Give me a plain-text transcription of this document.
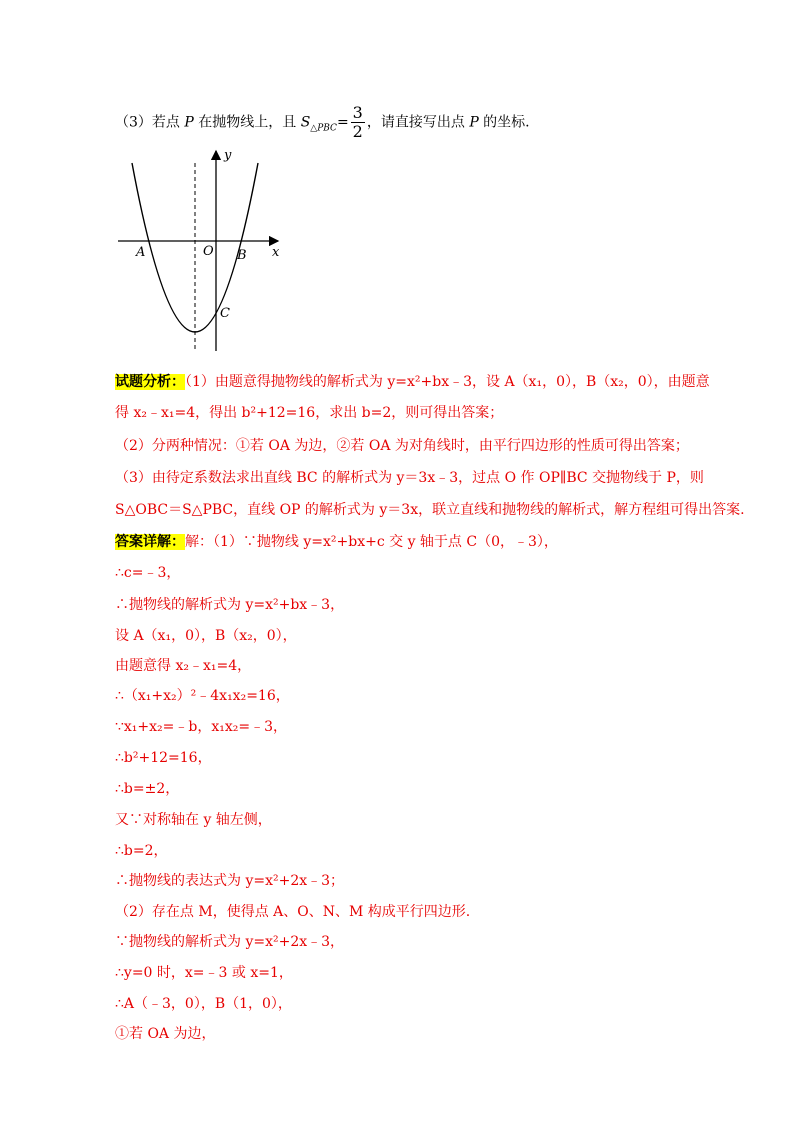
（3）若点 P 在抛物线上，且 $S_{\triangle PBC}= \frac{3}{2}$ ，请直接写出点 P 的坐标.
y
x
O
A	B
C
试题分析：（1）由题意得抛物线的解析式为 y=x²+bx﹣3，设 A（x₁，0），B（x₂，0），由题意
得 x₂﹣x₁=4，得出 b²+12=16，求出 b=2，则可得出答案；
（2）分两种情况：①若 OA 为边，②若 OA 为对角线时，由平行四边形的性质可得出答案；
（3）由待定系数法求出直线 BC 的解析式为 y＝3x﹣3，过点 O 作 OP∥BC 交抛物线于 P，则
S△OBC＝S△PBC，直线 OP 的解析式为 y＝3x，联立直线和抛物线的解析式，解方程组可得出答案.
答案详解：解：（1）∵抛物线 y=x²+bx+c 交 y 轴于点 C（0，﹣3），
∴c=﹣3，
∴抛物线的解析式为 y=x²+bx﹣3，
设 A（x₁，0），B（x₂，0），
由题意得 x₂﹣x₁=4，
∴（x₁+x₂）²﹣4x₁x₂=16，
∵x₁+x₂=﹣b，x₁x₂=﹣3，
∴b²+12=16，
∴b=±2，
又∵对称轴在 y 轴左侧，
∴b=2，
∴抛物线的表达式为 y=x²+2x﹣3；
（2）存在点 M，使得点 A、O、N、M 构成平行四边形.
∵抛物线的解析式为 y=x²+2x﹣3，
∴y=0 时，x=﹣3 或 x=1，
∴A（﹣3，0），B（1，0），
①若 OA 为边，
